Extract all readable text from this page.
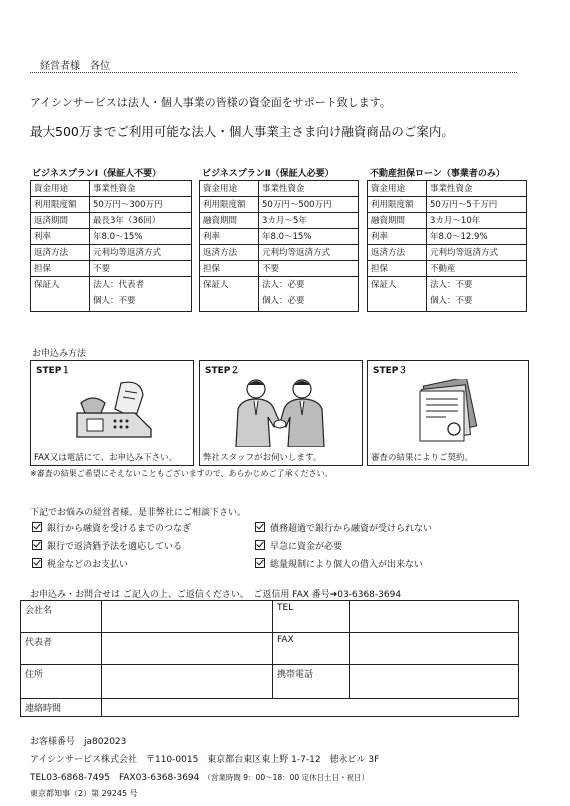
経営者様　各位
アイシンサービスは法人・個人事業の皆様の資金面をサポート致します。
最大500万までご利用可能な法人・個人事業主さま向け融資商品のご案内。
ビジネスプランⅠ（保証人不要）	ビジネスプランⅡ（保証人必要）	不動産担保ローン（事業者のみ）
資金用途	事業性資金
利用限度額	50万円～300万円
返済期間	最長3年（36回）
利率	年8.0～15%
返済方法	元利均等返済方式
担保	不要
保証人	法人：代表者
個人：不要
資金用途	事業性資金
利用限度額	50万円～500万円
融資期間	3カ月～5年
利率	年8.0～15%
返済方法	元利均等返済方式
担保	不要
保証人	法人：必要
個人：必要
資金用途	事業性資金
利用限度額	50万円～5千万円
融資期間	3カ月～10年
利率	年8.0～12.9%
返済方法	元利均等返済方式
担保	不動産
保証人	法人：不要
個人：不要
お申込み方法
STEP１
FAX又は電話にて、お申込み下さい。
STEP２
弊社スタッフがお伺いします。
STEP３
審査の結果によりご契約。
※審査の結果ご希望にそえないこともございますので、あらかじめご了承ください。
下記でお悩みの経営者様、是非弊社にご相談下さい。
銀行から融資を受けるまでのつなぎ
銀行で返済猶予法を適応している
税金などのお支払い
債務超過で銀行から融資が受けられない
早急に資金が必要
総量規制により個人の借入が出来ない
お申込み・お問合せは ご記入の上、ご返信ください。　ご返信用 FAX 番号➔03-6368-3694
会社名		TEL	
代表者		FAX	
住所		携帯電話	
連絡時間			
お客様番号　ja802023
アイシンサービス株式会社　〒110-0015　東京都台東区東上野 1-7-12　徳永ビル 3F
TEL03-6868-7495　FAX03-6368-3694 （営業時間 9：00～18：00 定休日土日・祝日）
東京都知事（2）第 29245 号
